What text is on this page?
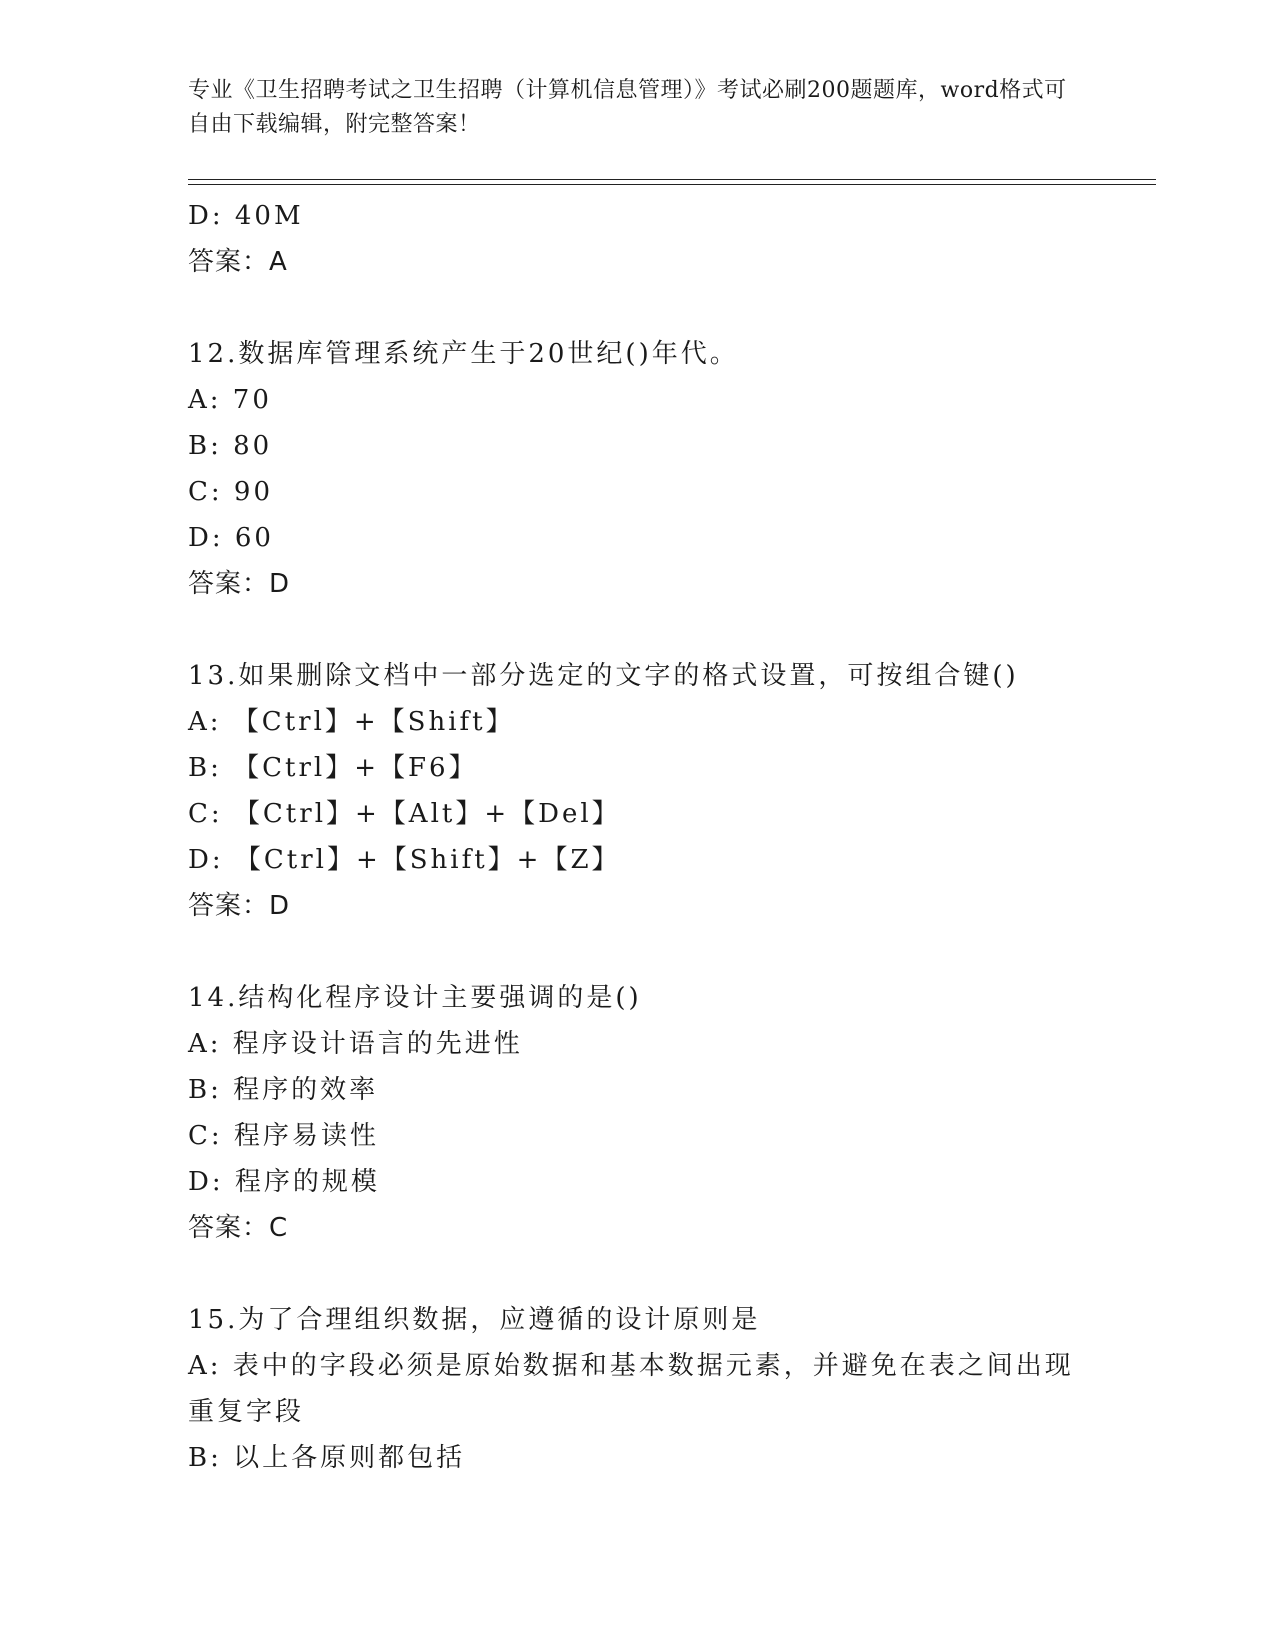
专业《卫生招聘考试之卫生招聘（计算机信息管理）》考试必刷200题题库，word格式可自由下载编辑，附完整答案！
D: 40M
答案：A
12.数据库管理系统产生于20世纪()年代。
A: 70
B: 80
C: 90
D: 60
答案：D
13.如果删除文档中一部分选定的文字的格式设置，可按组合键()
A: 【Ctrl】+【Shift】
B: 【Ctrl】+【F6】
C: 【Ctrl】+【Alt】+【Del】
D: 【Ctrl】+【Shift】+【Z】
答案：D
14.结构化程序设计主要强调的是()
A: 程序设计语言的先进性
B: 程序的效率
C: 程序易读性
D: 程序的规模
答案：C
15.为了合理组织数据，应遵循的设计原则是
A: 表中的字段必须是原始数据和基本数据元素，并避免在表之间出现重复字段
B: 以上各原则都包括
